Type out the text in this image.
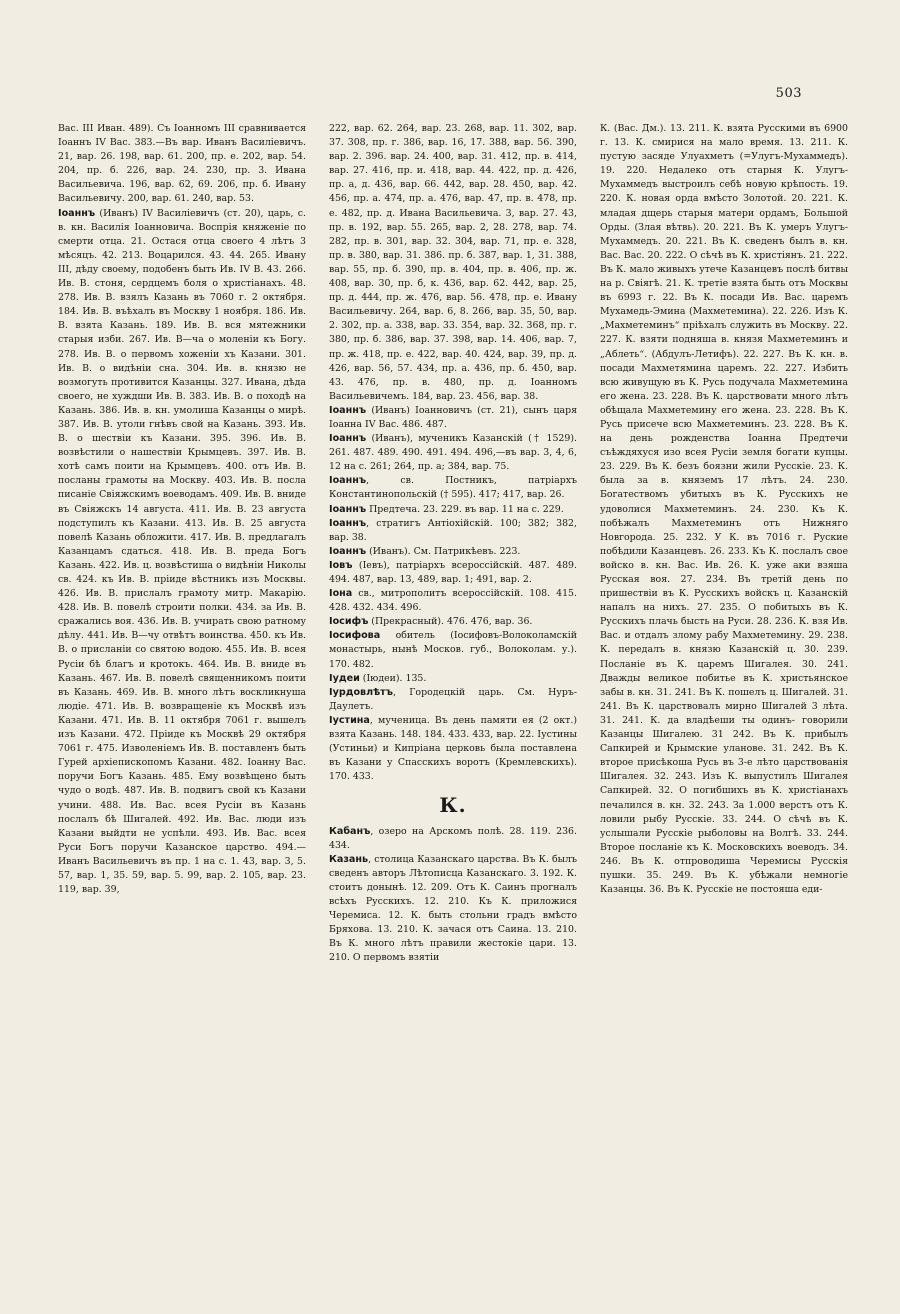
503

Вас. III Иван. 489). Съ Іоанномъ III сравнивается Іоаннъ IV Вас. 383.—Въ вар. Иванъ Василіевичъ. 21, вар. 26. 198, вар. 61. 200, пр. е. 202, вар. 54. 204, пр. б. 226, вар. 24. 230, пр. 3. Ивана Васильевича. 196, вар. 62, 69. 206, пр. б. Ивану Васильевичу. 200, вар. 61. 240, вар. 53.

Іоаннъ (Иванъ) IV Василіевичъ (ст. 20), царь, с. в. кн. Василія Іоанновича. Воспрія княженіе по смерти отца. 21. Остася отца своего 4 лѣтъ 3 мѣсяцъ. 42. 213. Воцарился. 43. 44. 265. Ивану III, дѣду своему, подобенъ быть Ив. IV В. 43. 266. Ив. В. стоня, сердцемъ боля о христіанахъ. 48. 278. Ив. В. взялъ Казань въ 7060 г. 2 октября. 184. Ив. В. въѣхалъ въ Москву 1 ноября. 186. Ив. В. взята Казань. 189. Ив. В. вся мятежники старыя изби. 267. Ив. В—ча о моленіи къ Богу. 278. Ив. В. о первомъ хоженіи хъ Казани. 301. Ив. В. о видѣніи сна. 304. Ив. в. князю не возмогуть противится Казанцы. 327. Ивана, дѣда своего, не хуждши Ив. В. 383. Ив. В. о походѣ на Казань. 386. Ив. в. кн. умолиша Казанцы о мирѣ. 387. Ив. В. утоли гнѣвъ свой на Казань. 393. Ив. В. о шествіи къ Казани. 395. 396. Ив. В. возвѣстили о нашествіи Крымцевъ. 397. Ив. В. хотѣ самъ поити на Крымцевъ. 400. отъ Ив. В. посланы грамоты на Москву. 403. Ив. В. посла писаніе Свіяжскимъ воеводамъ. 409. Ив. В. вниде въ Свіяжскъ 14 августа. 411. Ив. В. 23 августа подступилъ къ Казани. 413. Ив. В. 25 августа повелѣ Казань обложити. 417. Ив. В. предлагалъ Казанцамъ сдаться. 418. Ив. В. преда Богъ Казань. 422. Ив. ц. возвѣстиша о видѣніи Николы св. 424. къ Ив. В. пріиде вѣстникъ изъ Москвы. 426. Ив. В. прислалъ грамоту митр. Макарію. 428. Ив. В. повелѣ строити полки. 434. за Ив. В. сражались воя. 436. Ив. В. учирать свою ратному дѣлу. 441. Ив. В—чу отвѣтъ воинства. 450. къ Ив. В. о присланіи со святою водою. 455. Ив. В. всея Русіи бѣ благъ и кротокъ. 464. Ив. В. вниде въ Казань. 467. Ив. В. повелѣ священникомъ поити въ Казань. 469. Ив. В. много лѣтъ воскликнуша людіе. 471. Ив. В. возвращеніе къ Москвѣ изъ Казани. 471. Ив. В. 11 октября 7061 г. вышелъ изъ Казани. 472. Пріиде къ Москвѣ 29 октября 7061 г. 475. Изволеніемъ Ив. В. поставленъ быть Гурей архіепископомъ Казани. 482. Іоанну Вас. поручи Богъ Казань. 485. Ему возвѣщено быть чудо о водѣ. 487. Ив. В. подвигъ свой къ Казани учини. 488. Ив. Вас. всея Русіи въ Казань послалъ бѣ Шигалей. 492. Ив. Вас. люди изъ Казани выйдти не успѣли. 493. Ив. Вас. всея Руси Богъ поручи Казанское царство. 494.—Иванъ Васильевичъ въ пр. 1 на с. 1. 43, вар. 3, 5. 57, вар. 1, 35. 59, вар. 5. 99, вар. 2. 105, вар. 23. 119, вар. 39,

222, вар. 62. 264, вар. 23. 268, вар. 11. 302, вар. 37. 308, пр. г. 386, вар. 16, 17. 388, вар. 56. 390, вар. 2. 396. вар. 24. 400, вар. 31. 412, пр. в. 414, вар. 27. 416, пр. и. 418, вар. 44. 422, пр. д. 426, пр. а, д. 436, вар. 66. 442, вар. 28. 450, вар. 42. 456, пр. а. 474, пр. а. 476, вар. 47, пр. в. 478, пр. е. 482, пр. д. Ивана Васильевича. 3, вар. 27. 43, пр. в. 192, вар. 55. 265, вар. 2, 28. 278, вар. 74. 282, пр. в. 301, вар. 32. 304, вар. 71, пр. е. 328, пр. в. 380, вар. 31. 386. пр. б. 387, вар. 1, 31. 388, вар. 55, пр. б. 390, пр. в. 404, пр. в. 406, пр. ж. 408, вар. 30, пр. б, к. 436, вар. 62. 442, вар. 25, пр. д. 444, пр. ж. 476, вар. 56. 478, пр. е. Ивану Васильевичу. 264, вар. 6, 8. 266, вар. 35, 50, вар. 2. 302, пр. а. 338, вар. 33. 354, вар. 32. 368, пр. г. 380, пр. б. 386, вар. 37. 398, вар. 14. 406, вар. 7, пр. ж. 418, пр. е. 422, вар. 40. 424, вар. 39, пр. д. 426, вар. 56, 57. 434, пр. а. 436, пр. б. 450, вар. 43. 476, пр. в. 480, пр. д. Іоанномъ Васильевичемъ. 184, вар. 23. 456, вар. 38.

Іоаннъ (Иванъ) Іоанновичъ (ст. 21), сынъ царя Іоанна IV Вас. 486. 487.

Іоаннъ (Иванъ), мученикъ Казанскій († 1529). 261. 487. 489. 490. 491. 494. 496,—въ вар. 3, 4, 6, 12 на с. 261; 264, пр. а; 384, вар. 75.

Іоаннъ, св. Постникъ, патріархъ Константинопольскій († 595). 417; 417, вар. 26.

Іоаннъ Предтеча. 23. 229. въ вар. 11 на с. 229.

Іоаннъ, стратигъ Антіохійскій. 100; 382; 382, вар. 38.

Іоаннъ (Иванъ). См. Патрикѣевъ. 223.

Іовъ (Іевъ), патріархъ всероссійскій. 487. 489. 494. 487, вар. 13, 489, вар. 1; 491, вар. 2.

Іона св., митрополитъ всероссійскій. 108. 415. 428. 432. 434. 496.

Іосифъ (Прекрасный). 476. 476, вар. 36.

Іосифова обитель (Іосифовъ-Волоколамскій монастырь, нынѣ Москов. губ., Волоколам. у.). 170. 482.

Іудеи (Іюдеи). 135.

Іурдовлѣтъ, Городецкій царь. См. Нуръ-Даулетъ.

Іустина, мученица. Въ день памяти ея (2 окт.) взята Казань. 148. 184. 433. 433, вар. 22. Іустины (Устиньи) и Кипріана церковь была поставлена въ Казани у Спасскихъ воротъ (Кремлевскихъ). 170. 433.

К.

Кабанъ, озеро на Арскомъ полѣ. 28. 119. 236. 434.

Казань, столица Казанскаго царства. Въ К. былъ сведенъ авторъ Лѣтописца Казанскаго. 3. 192. К. стоитъ донынѣ. 12. 209. Отъ К. Саинъ прогналъ всѣхъ Русскихъ. 12. 210. Къ К. приложися Черемиса. 12. К. быть стольни градъ вмѣсто Бряхова. 13. 210. К. зачася отъ Саина. 13. 210. Въ К. много лѣтъ правили жестокіе цари. 13. 210. О первомъ взятіи

К. (Вас. Дм.). 13. 211. К. взята Русскими въ 6900 г. 13. К. смирися на мало время. 13. 211. К. пустую засяде Улуахметъ (=Улугъ-Мухаммедъ). 19. 220. Недалеко отъ старыя К. Улугъ-Мухаммедъ выстроилъ себѣ новую крѣпость. 19. 220. К. новая орда вмѣсто Золотой. 20. 221. К. младая дщерь старыя матери ордамъ, Большой Орды. (Злая вѣтвь). 20. 221. Въ К. умеръ Улугъ-Мухаммедъ. 20. 221. Въ К. сведенъ былъ в. кн. Вас. Вас. 20. 222. О сѣчѣ въ К. христіянъ. 21. 222. Въ К. мало живыхъ утече Казанцевъ послѣ битвы на р. Свіягѣ. 21. К. третіе взята быть отъ Москвы въ 6993 г. 22. Въ К. посади Ив. Вас. царемъ Мухамедь-Эмина (Махметемина). 22. 226. Изъ К. „Махметеминъ“ пріѣхалъ служить въ Москву. 22. 227. К. взяти подняша в. князя Махметеминъ и „Аблеть“. (Абдулъ-Летифъ). 22. 227. Въ К. кн. в. посади Махметямина царемъ. 22. 227. Избить всю живущую въ К. Русь подучала Махметемина его жена. 23. 228. Въ К. царствовати много лѣтъ обѣщала Махметемину его жена. 23. 228. Въ К. Русь присече всю Махметеминъ. 23. 228. Въ К. на день рожденства Іоанна Предтечи съѣждяхуся изо всея Русіи земля богати купцы. 23. 229. Въ К. безъ боязни жили Русскіе. 23. К. была за в. княземъ 17 лѣтъ. 24. 230. Богатествомъ убитыхъ въ К. Русскихъ не удоволися Махметеминъ. 24. 230. Къ К. побѣжалъ Махметеминъ отъ Нижняго Новгорода. 25. 232. У К. въ 7016 г. Руские побѣдили Казанцевъ. 26. 233. Къ К. послалъ свое войско в. кн. Вас. Ив. 26. К. уже аки взяша Русская воя. 27. 234. Въ третій день по пришествіи въ К. Русскихъ войскъ ц. Казанскій напалъ на нихъ. 27. 235. О побитыхъ въ К. Русскихъ плачь бысть на Руси. 28. 236. К. взя Ив. Вас. и отдалъ злому рабу Махметемину. 29. 238. К. передалъ в. князю Казанскій ц. 30. 239. Посланіе въ К. царемъ Шигалея. 30. 241. Дважды великое побитье въ К. христьянское забы в. кн. 31. 241. Въ К. пошелъ ц. Шигалей. 31. 241. Въ К. царствовалъ мирно Шигалей 3 лѣта. 31. 241. К. да владѣеши ты одинъ- говорили Казанцы Шигалею. 31 242. Въ К. прибылъ Сапкирей и Крымские уланове. 31. 242. Въ К. второе присѣкоша Русь въ 3-е лѣто царствованія Шигалея. 32. 243. Изъ К. выпустилъ Шигалея Сапкирей. 32. О погибшихъ въ К. христіанахъ печалился в. кн. 32. 243. За 1.000 верстъ отъ К. ловили рыбу Русскіе. 33. 244. О сѣчѣ въ К. услышали Русскіе рыболовы на Волгѣ. 33. 244. Второе посланіе къ К. Московскихъ воеводъ. 34. 246. Въ К. отпроводиша Черемисы Русскія пушки. 35. 249. Въ К. убѣжали немногіе Казанцы. 36. Въ К. Русскіе не постояша еди-
